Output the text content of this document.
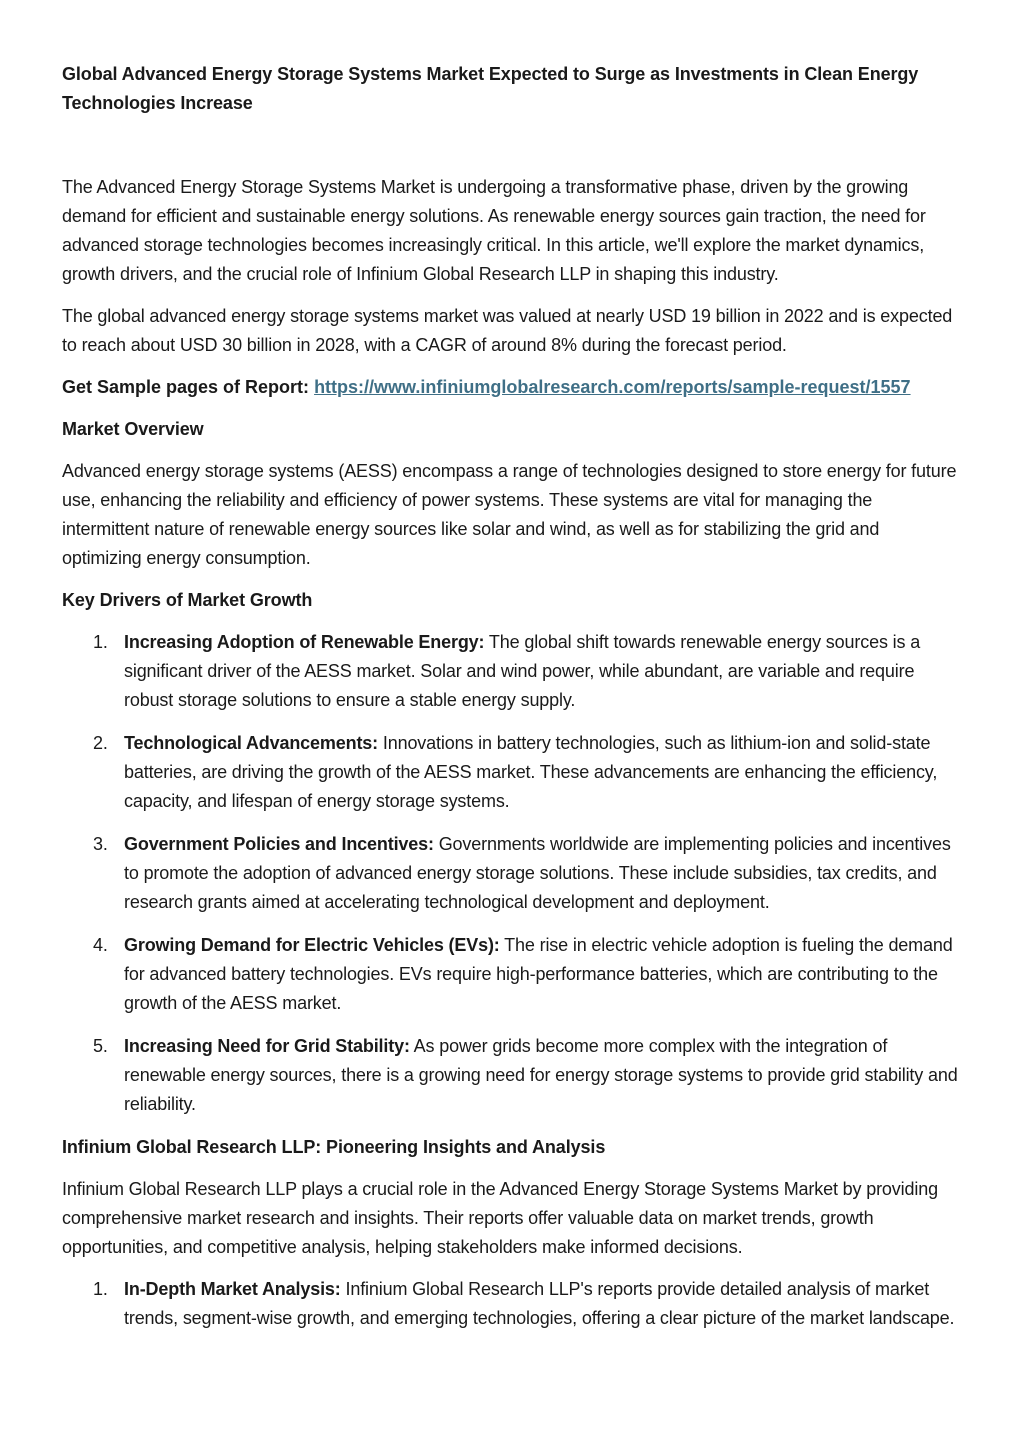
Global Advanced Energy Storage Systems Market Expected to Surge as Investments in Clean Energy Technologies Increase

The Advanced Energy Storage Systems Market is undergoing a transformative phase, driven by the growing demand for efficient and sustainable energy solutions. As renewable energy sources gain traction, the need for advanced storage technologies becomes increasingly critical. In this article, we'll explore the market dynamics, growth drivers, and the crucial role of Infinium Global Research LLP in shaping this industry.

The global advanced energy storage systems market was valued at nearly USD 19 billion in 2022 and is expected to reach about USD 30 billion in 2028, with a CAGR of around 8% during the forecast period.

Get Sample pages of Report: https://www.infiniumglobalresearch.com/reports/sample-request/1557
Market Overview

Advanced energy storage systems (AESS) encompass a range of technologies designed to store energy for future use, enhancing the reliability and efficiency of power systems. These systems are vital for managing the intermittent nature of renewable energy sources like solar and wind, as well as for stabilizing the grid and optimizing energy consumption.

Key Drivers of Market Growth
1. Increasing Adoption of Renewable Energy: The global shift towards renewable energy sources is a significant driver of the AESS market. Solar and wind power, while abundant, are variable and require robust storage solutions to ensure a stable energy supply.
2. Technological Advancements: Innovations in battery technologies, such as lithium-ion and solid-state batteries, are driving the growth of the AESS market. These advancements are enhancing the efficiency, capacity, and lifespan of energy storage systems.
3. Government Policies and Incentives: Governments worldwide are implementing policies and incentives to promote the adoption of advanced energy storage solutions. These include subsidies, tax credits, and research grants aimed at accelerating technological development and deployment.
4. Growing Demand for Electric Vehicles (EVs): The rise in electric vehicle adoption is fueling the demand for advanced battery technologies. EVs require high-performance batteries, which are contributing to the growth of the AESS market.
5. Increasing Need for Grid Stability: As power grids become more complex with the integration of renewable energy sources, there is a growing need for energy storage systems to provide grid stability and reliability.
Infinium Global Research LLP: Pioneering Insights and Analysis

Infinium Global Research LLP plays a crucial role in the Advanced Energy Storage Systems Market by providing comprehensive market research and insights. Their reports offer valuable data on market trends, growth opportunities, and competitive analysis, helping stakeholders make informed decisions.

1. In-Depth Market Analysis: Infinium Global Research LLP's reports provide detailed analysis of market trends, segment-wise growth, and emerging technologies, offering a clear picture of the market landscape.
